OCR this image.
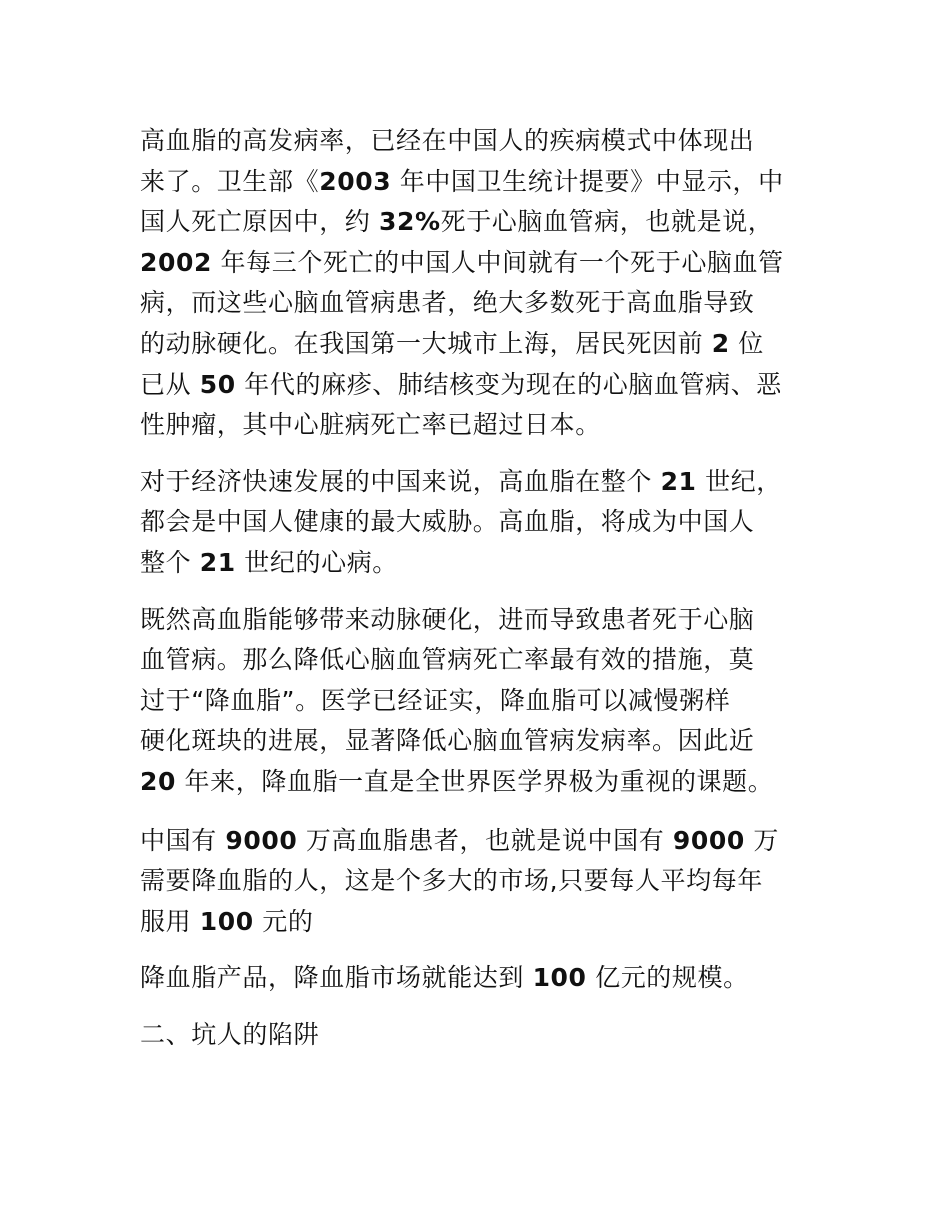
高血脂的高发病率，已经在中国人的疾病模式中体现出
来了。卫生部《2003 年中国卫生统计提要》中显示，中
国人死亡原因中，约 32%死于心脑血管病，也就是说，
2002 年每三个死亡的中国人中间就有一个死于心脑血管
病，而这些心脑血管病患者，绝大多数死于高血脂导致
的动脉硬化。在我国第一大城市上海，居民死因前 2 位
已从 50 年代的麻疹、肺结核变为现在的心脑血管病、恶
性肿瘤，其中心脏病死亡率已超过日本。
对于经济快速发展的中国来说，高血脂在整个 21 世纪，
都会是中国人健康的最大威胁。高血脂，将成为中国人
整个 21 世纪的心病。
既然高血脂能够带来动脉硬化，进而导致患者死于心脑
血管病。那么降低心脑血管病死亡率最有效的措施，莫
过于“降血脂”。医学已经证实，降血脂可以减慢粥样
硬化斑块的进展，显著降低心脑血管病发病率。因此近
20 年来，降血脂一直是全世界医学界极为重视的课题。
中国有 9000 万高血脂患者，也就是说中国有 9000 万
需要降血脂的人，这是个多大的市场,只要每人平均每年
服用 100 元的
降血脂产品，降血脂市场就能达到 100 亿元的规模。
二、坑人的陷阱
